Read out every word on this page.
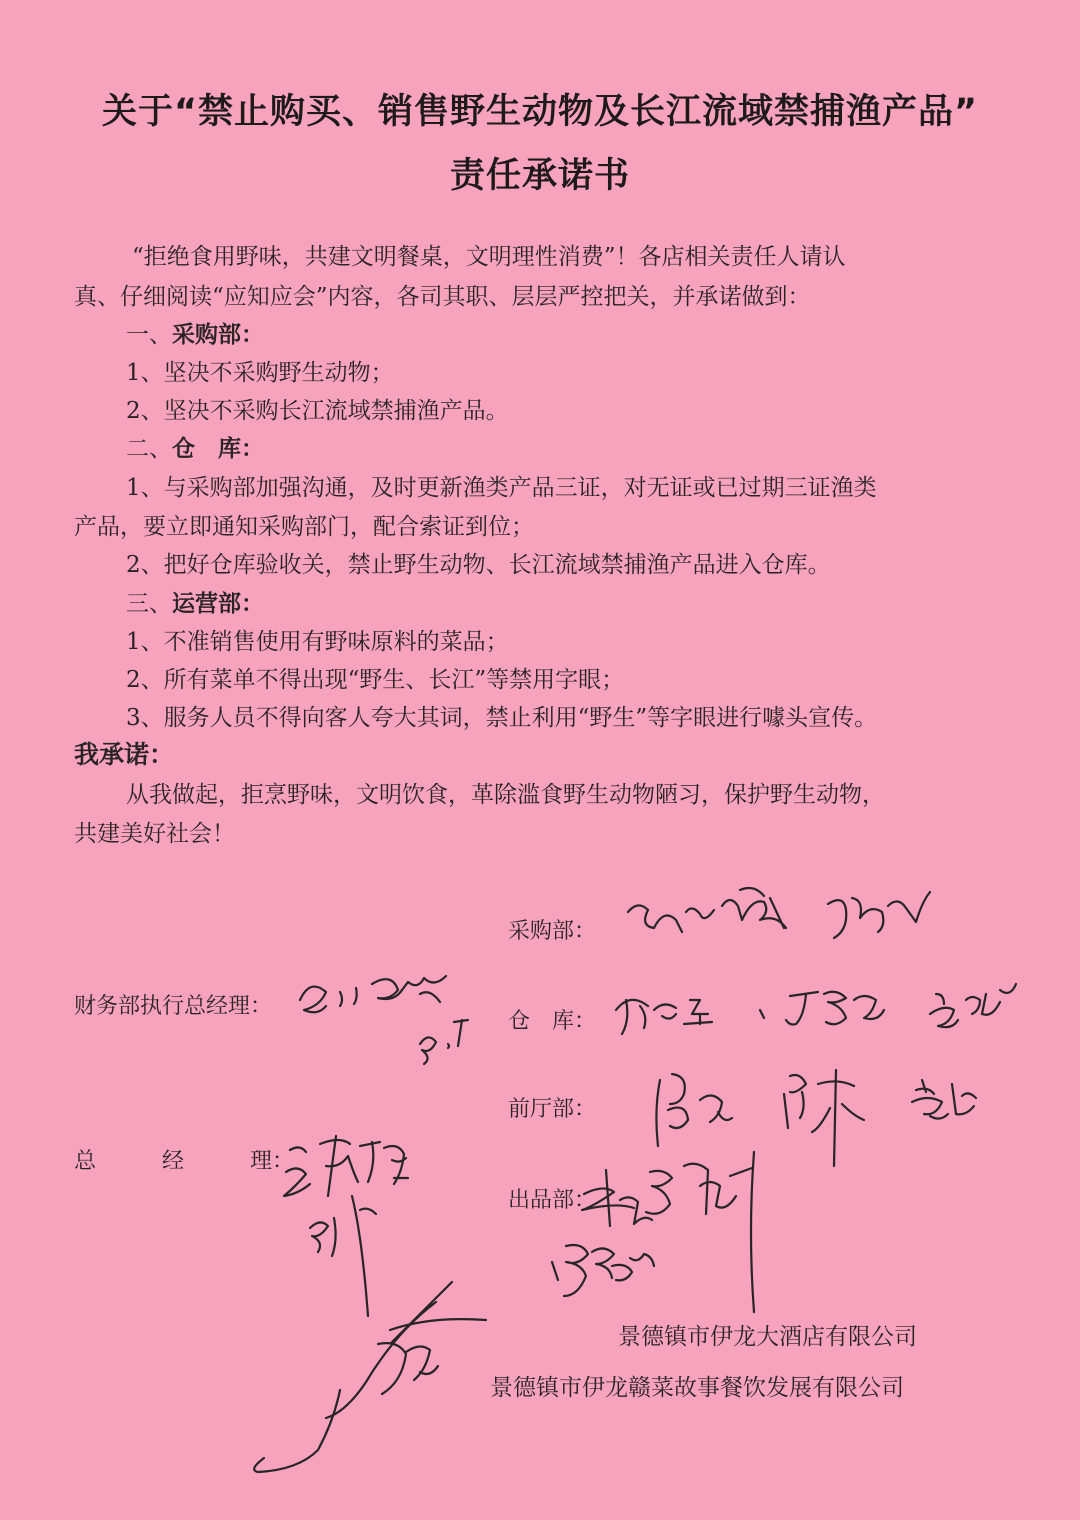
关于“禁止购买、销售野生动物及长江流域禁捕渔产品”
责任承诺书
“拒绝食用野味，共建文明餐桌，文明理性消费”！各店相关责任人请认
真、仔细阅读“应知应会”内容，各司其职、层层严控把关，并承诺做到：
一、采购部：
1、坚决不采购野生动物；
2、坚决不采购长江流域禁捕渔产品。
二、仓　库：
1、与采购部加强沟通，及时更新渔类产品三证，对无证或已过期三证渔类
产品，要立即通知采购部门，配合索证到位；
2、把好仓库验收关，禁止野生动物、长江流域禁捕渔产品进入仓库。
三、运营部：
1、不准销售使用有野味原料的菜品；
2、所有菜单不得出现“野生、长江”等禁用字眼；
3、服务人员不得向客人夸大其词，禁止利用“野生”等字眼进行噱头宣传。
我承诺：
从我做起，拒烹野味，文明饮食，革除滥食野生动物陋习，保护野生动物，
共建美好社会！
采购部：
财务部执行总经理：
仓　库：
前厅部：
总　　　经　　　理：
出品部：
景德镇市伊龙大酒店有限公司
景德镇市伊龙赣菜故事餐饮发展有限公司
